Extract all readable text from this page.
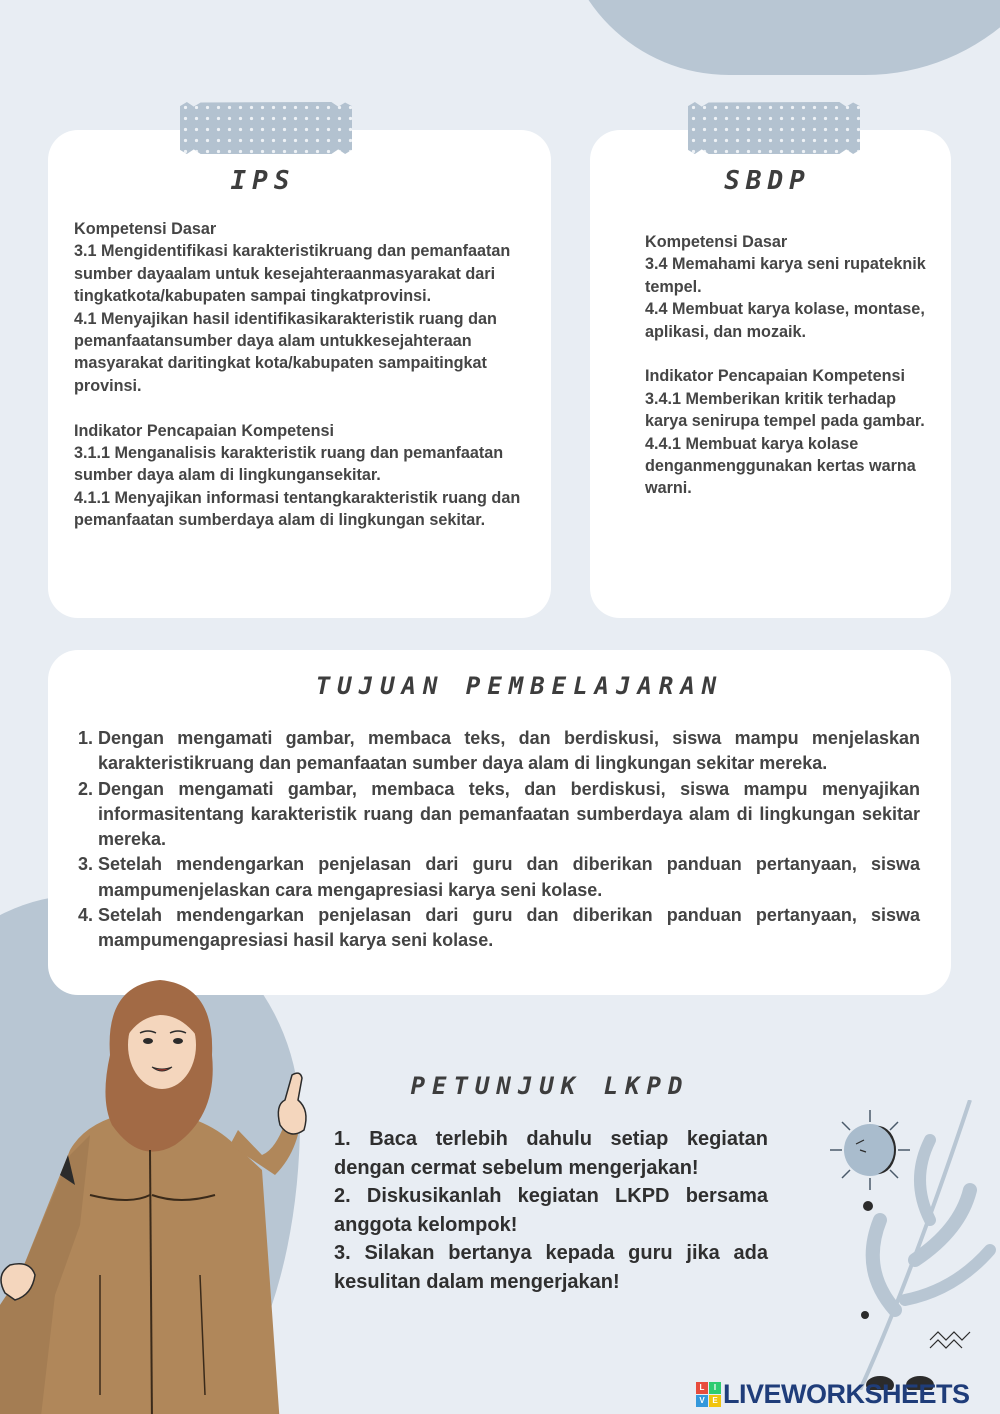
IPS

Kompetensi Dasar

3.1 Mengidentifikasi karakteristikruang dan pemanfaatan sumber dayaalam untuk kesejahteraanmasyarakat dari tingkatkota/kabupaten sampai tingkatprovinsi.

4.1 Menyajikan hasil identifikasikarakteristik ruang dan pemanfaatansumber daya alam untukkesejahteraan masyarakat daritingkat kota/kabupaten sampaitingkat provinsi.

Indikator Pencapaian Kompetensi

3.1.1 Menganalisis karakteristik ruang dan pemanfaatan sumber daya alam di lingkungansekitar.

4.1.1 Menyajikan informasi tentangkarakteristik ruang dan pemanfaatan sumberdaya alam di lingkungan sekitar.

SBDP

Kompetensi Dasar

3.4 Memahami karya seni rupateknik tempel.

4.4 Membuat karya kolase, montase, aplikasi, dan mozaik.

Indikator Pencapaian Kompetensi

3.4.1 Memberikan kritik terhadap karya senirupa tempel pada gambar.

4.4.1 Membuat karya kolase denganmenggunakan kertas warna warni.

TUJUAN PEMBELAJARAN
1. Dengan mengamati gambar, membaca teks, dan berdiskusi, siswa mampu menjelaskan karakteristikruang dan pemanfaatan sumber daya alam di lingkungan sekitar mereka.
2. Dengan mengamati gambar, membaca teks, dan berdiskusi, siswa mampu menyajikan informasitentang karakteristik ruang dan pemanfaatan sumberdaya alam di lingkungan sekitar mereka.
3. Setelah mendengarkan penjelasan dari guru dan diberikan panduan pertanyaan, siswa mampumenjelaskan cara mengapresiasi karya seni kolase.
4. Setelah mendengarkan penjelasan dari guru dan diberikan panduan pertanyaan, siswa mampumengapresiasi hasil karya seni kolase.
PETUNJUK LKPD

1. Baca terlebih dahulu setiap kegiatan dengan cermat sebelum mengerjakan!

2. Diskusikanlah kegiatan LKPD bersama anggota kelompok!

3. Silakan bertanya kepada guru jika ada kesulitan dalam mengerjakan!

L	I
V E LIVEWORKSHEETS
